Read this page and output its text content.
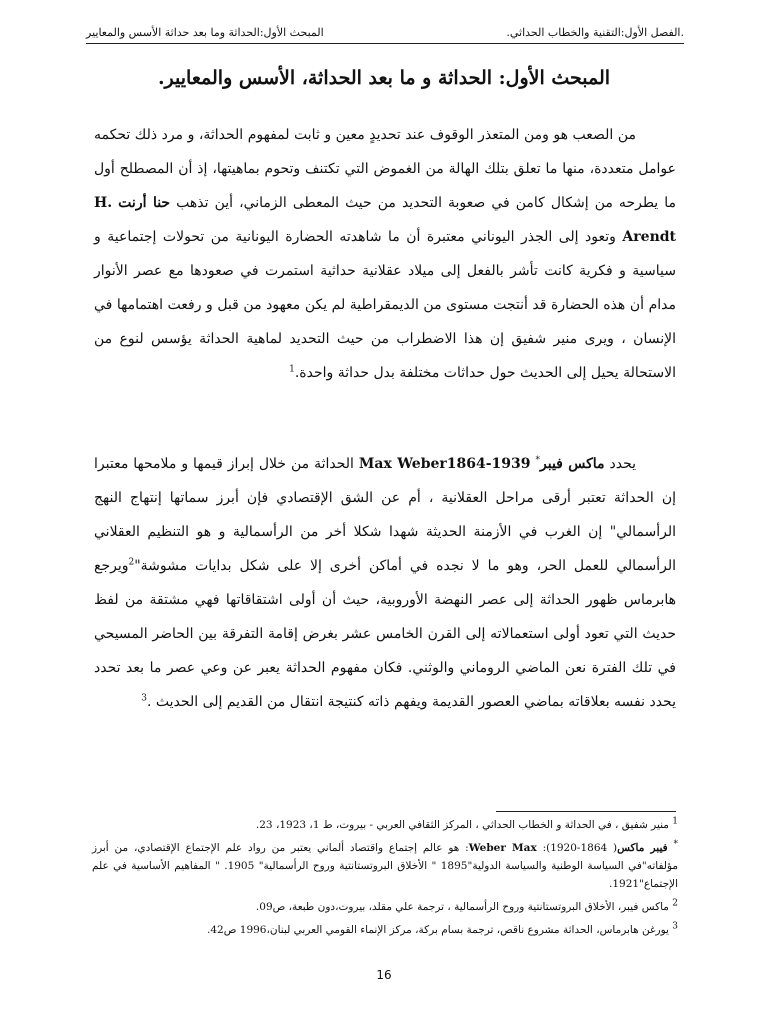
.الفصل الأول:التقنية والخطاب الحداثي.
المبحث الأول:الحداثة وما بعد حداثة الأسس والمعايير
المبحث الأول: الحداثة و ما بعد الحداثة، الأسس والمعايير.

من الصعب هو ومن المتعذر الوقوف عند تحديدٍ معين و ثابت لمفهوم الحداثة، و مرد ذلك تحكمه عوامل متعددة، منها ما تعلق بتلك الهالة من الغموض التي تكتنف وتحوم بماهيتها، إذ أن المصطلح أول ما يطرحه من إشكال كامن في صعوبة التحديد من حيث المعطى الزماني، أين تذهب حنا أرنت H. Arendt وتعود إلى الجذر اليوناني معتبرة أن ما شاهدته الحضارة اليونانية من تحولات إجتماعية و سياسية و فكرية كانت تأشر بالفعل إلى ميلاد عقلانية حداثية استمرت في صعودها مع عصر الأنوار مدام أن هذه الحضارة قد أنتجت مستوى من الديمقراطية لم يكن معهود من قبل و رفعت اهتمامها في الإنسان ، ويرى منير شفيق إن هذا الاضطراب من حيث التحديد لماهية الحداثة يؤسس لنوع من الاستحالة يحيل إلى الحديث حول حداثات مختلفة بدل حداثة واحدة.$^1$

يحدد ماكس فيبر* Max Weber1864-1939 الحداثة من خلال إبراز قيمها و ملامحها معتبرا إن الحداثة تعتبر أرقى مراحل العقلانية ، أم عن الشق الإقتصادي فإن أبرز سماتها إنتهاج النهج الرأسمالي" إن الغرب في الأزمنة الحديثة شهدا شكلا أخر من الرأسمالية و هو التنظيم العقلاني الرأسمالي للعمل الحر، وهو ما لا نجده في أماكن أخرى إلا على شكل بدايات مشوشة"$^2$ويرجع هابرماس ظهور الحداثة إلى عصر النهضة الأوروبية، حيث أن أولى اشتقاقاتها فهي مشتقة من لفظ حديث التي تعود أولى استعمالاته إلى القرن الخامس عشر بغرض إقامة التفرقة بين الحاضر المسيحي في تلك الفترة نعن الماضي الروماني والوثني. فكان مفهوم الحداثة يعبر عن وعي عصر ما بعد تحدد يحدد نفسه بعلاقاته بماضي العصور القديمة ويفهم ذاته كنتيجة انتقال من القديم إلى الحديث .$^3$

1 منير شفيق ، في الحداثة و الخطاب الحداثي ، المركز الثقافي العربي - بيروت، ط 1، 1923، 23.

* فيبر ماكس:(1920-1864 ) Weber Max: هو عالم إجتماع واقتصاد ألماني يعتبر من رواد علم الإجتماع الإقتصادي، من أبرز مؤلفاته"في السياسة الوطنية والسياسة الدولية"1895 " الأخلاق البروتستانتية وروح الرأسمالية" 1905. " المفاهيم الأساسية في علم الإجتماع"1921.

2 ماكس فيبر، الأخلاق البروتستانتية وروح الرأسمالية ، ترجمة علي مقلد، بيروت،دون طبعة، ص09.

3 يورغن هابرماس، الحداثة مشروع ناقص، ترجمة بسام بركة، مركز الإنماء القومي العربي لبنان،1996 ص42.

16
